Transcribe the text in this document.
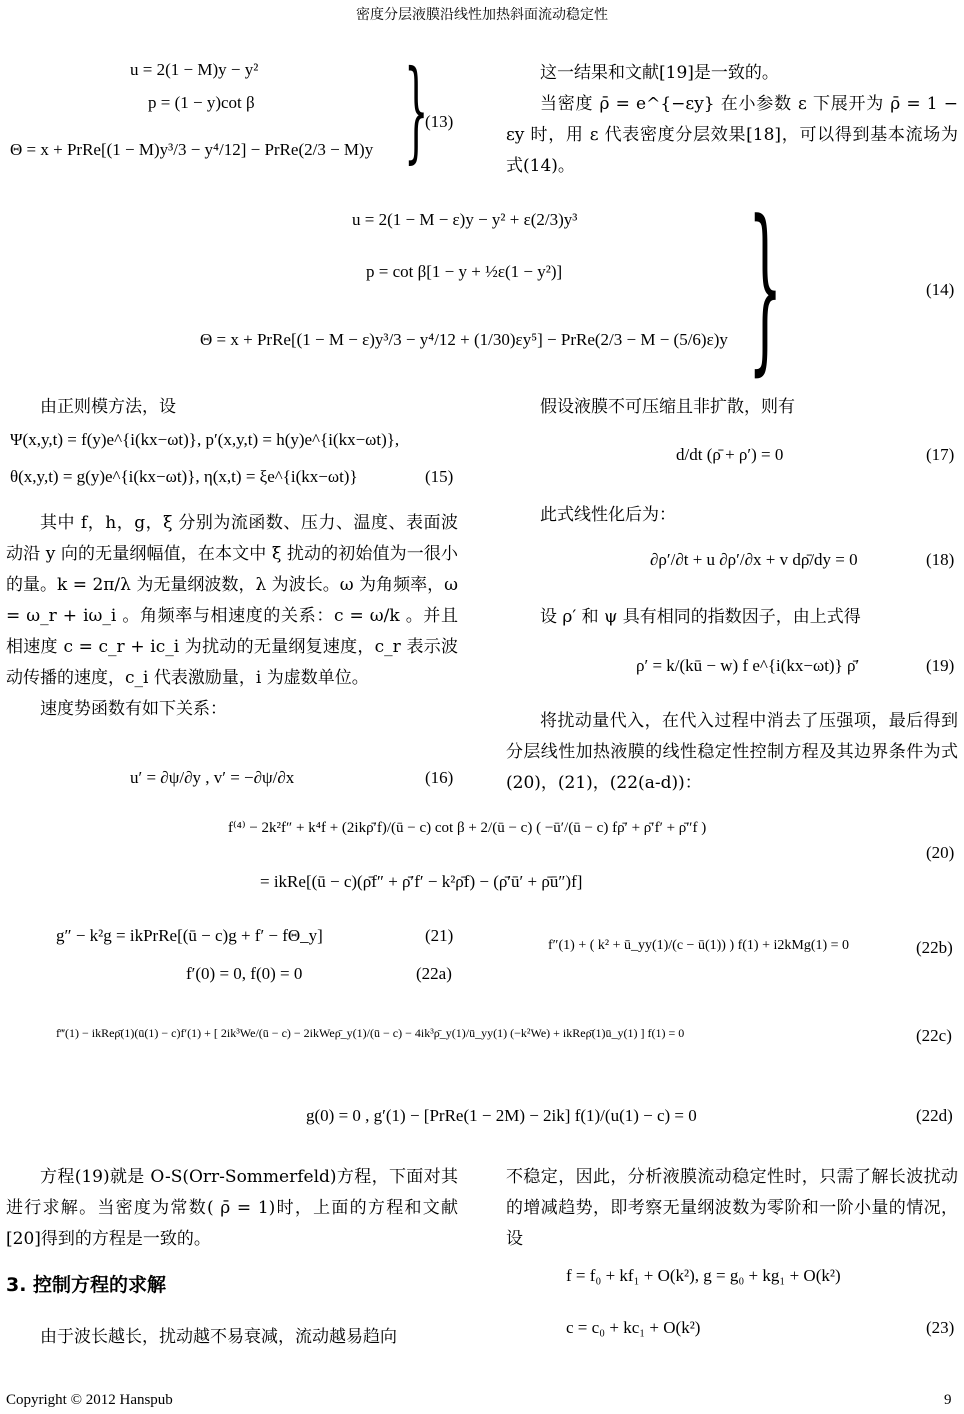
密度分层液膜沿线性加热斜面流动稳定性
u = 2(1 − M)y − y²
p = (1 − y)cot β
Θ = x + PrRe[(1 − M)y³/3 − y⁴/12] − PrRe(2/3 − M)y }
(13)

这一结果和文献[19]是一致的。

当密度 ρ̄ = e^{−εy} 在小参数 ε 下展开为 ρ̄ = 1 − εy 时，用 ε 代表密度分层效果[18]，可以得到基本流场为式(14)。

u = 2(1 − M − ε)y − y² + ε(2/3)y³
p = cot β[1 − y + ½ε(1 − y²)]
Θ = x + PrRe[(1 − M − ε)y³/3 − y⁴/12 + (1/30)εy⁵] − PrRe(2/3 − M − (5/6)ε)y }	(14)

由正则模方法，设

Ψ(x,y,t) = f(y)e^{i(kx−ωt)}, p′(x,y,t) = h(y)e^{i(kx−ωt)},
θ(x,y,t) = g(y)e^{i(kx−ωt)}, η(x,t) = ξe^{i(kx−ωt)}	(15)

其中 f，h，g，ξ 分别为流函数、压力、温度、表面波动沿 y 向的无量纲幅值，在本文中 ξ 扰动的初始值为一很小的量。k = 2π/λ 为无量纲波数，λ 为波长。ω 为角频率，ω = ω_r + iω_i 。角频率与相速度的关系：c = ω/k 。并且相速度 c = c_r + ic_i 为扰动的无量纲复速度，c_r 表示波动传播的速度，c_i 代表激励量，i 为虚数单位。

速度势函数有如下关系：

u′ = ∂ψ/∂y , v′ = −∂ψ/∂x	(16)

假设液膜不可压缩且非扩散，则有

d/dt (ρ̄ + ρ′) = 0	(17)

此式线性化后为：

∂ρ′/∂t + u ∂ρ′/∂x + v dρ̄/dy = 0	(18)

设 ρ′ 和 ψ 具有相同的指数因子，由上式得

ρ′ = k/(kū − w) f e^{i(kx−ωt)} ρ̄′	(19)

将扰动量代入，在代入过程中消去了压强项，最后得到分层线性加热液膜的线性稳定性控制方程及其边界条件为式(20)，(21)，(22(a-d))：

f⁽⁴⁾ − 2k²f″ + k⁴f + (2ikρ̄′f)/(ū − c) cot β + 2/(ū − c) ( −ū′/(ū − c) fρ̄′ + ρ̄′f′ + ρ̄″f )
= ikRe[(ū − c)(ρ̄f″ + ρ̄′f′ − k²ρ̄f) − (ρ̄′ū′ + ρ̄ū″)f]
(20)
g″ − k²g = ikPrRe[(ū − c)g + f′ − fΘ_y]	(21)
f′(0) = 0, f(0) = 0	(22a)
f″(1) + ( k² + ū_yy(1)/(c − ū(1)) ) f(1) + i2kMg(1) = 0	(22b)
f‴(1) − ikReρ̄(1)(ū(1) − c)f′(1) + [ 2ik³We/(ū − c) − 2ikWeρ̄_y(1)/(ū − c) − 4ik³ρ̄_y(1)/ū_yy(1) (−k²We) + ikReρ̄(1)ū_y(1) ] f(1) = 0	(22c)
g(0) = 0 , g′(1) − [PrRe(1 − 2M) − 2ik] f(1)/(u(1) − c) = 0	(22d)

方程(19)就是 O-S(Orr-Sommerfeld)方程，下面对其进行求解。当密度为常数( ρ̄ = 1)时，上面的方程和文献[20]得到的方程是一致的。

3. 控制方程的求解

由于波长越长，扰动越不易衰减，流动越易趋向

不稳定，因此，分析液膜流动稳定性时，只需了解长波扰动的增减趋势，即考察无量纲波数为零阶和一阶小量的情况，设

f = f₀ + kf₁ + O(k²), g = g₀ + kg₁ + O(k²)
c = c₀ + kc₁ + O(k²)	(23)
Copyright © 2012 Hanspub	9
